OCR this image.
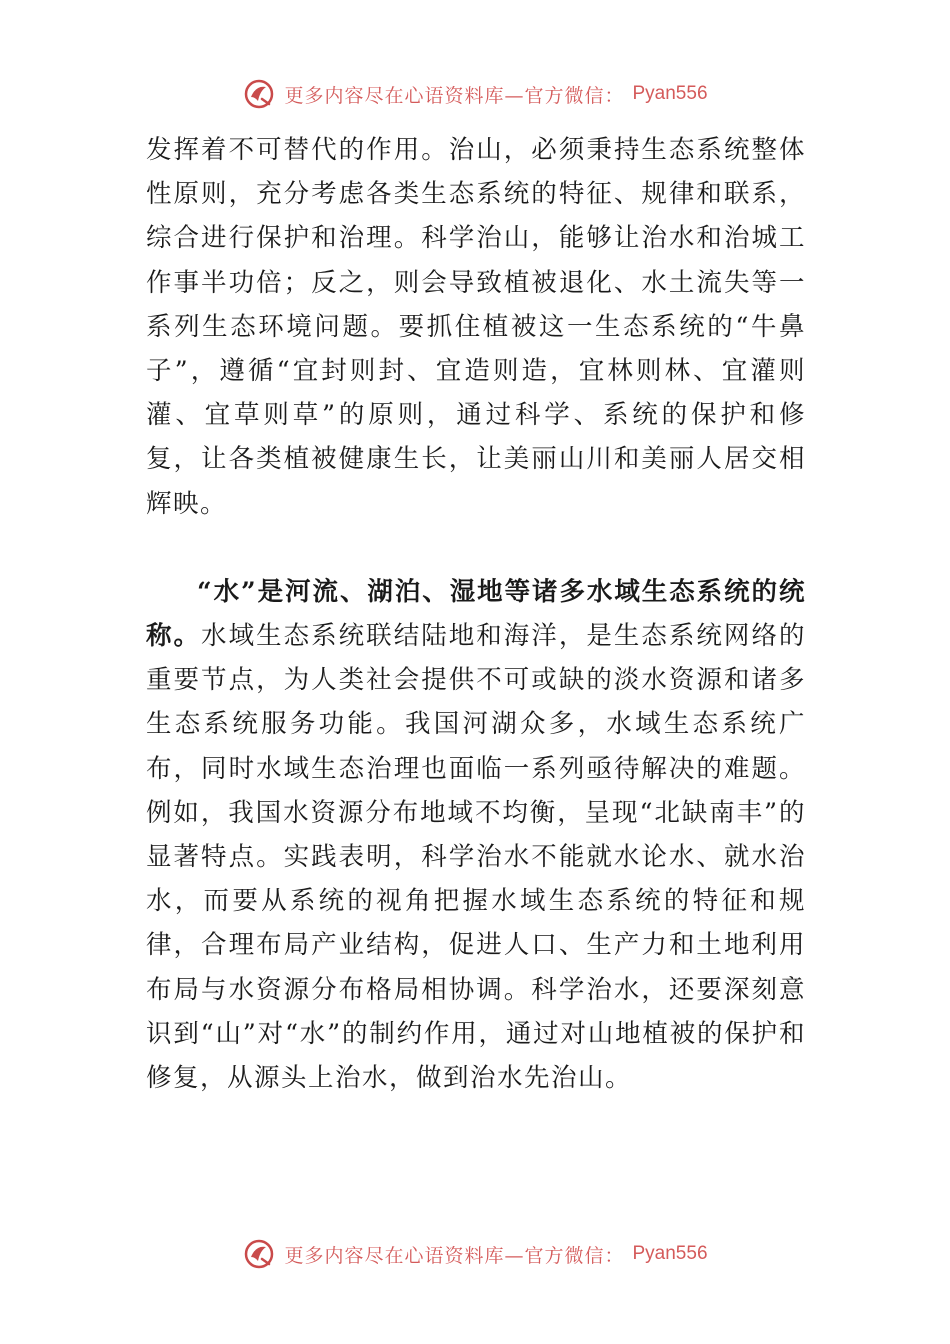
更多内容尽在心语资料库—官方微信： Pyan556

发挥着不可替代的作用。治山，必须秉持生态系统整体性原则，充分考虑各类生态系统的特征、规律和联系，综合进行保护和治理。科学治山，能够让治水和治城工作事半功倍；反之，则会导致植被退化、水土流失等一系列生态环境问题。要抓住植被这一生态系统的“牛鼻子”，遵循“宜封则封、宜造则造，宜林则林、宜灌则灌、宜草则草”的原则，通过科学、系统的保护和修复，让各类植被健康生长，让美丽山川和美丽人居交相辉映。

“水”是河流、湖泊、湿地等诸多水域生态系统的统称。水域生态系统联结陆地和海洋，是生态系统网络的重要节点，为人类社会提供不可或缺的淡水资源和诸多生态系统服务功能。我国河湖众多，水域生态系统广布，同时水域生态治理也面临一系列亟待解决的难题。例如，我国水资源分布地域不均衡，呈现“北缺南丰”的显著特点。实践表明，科学治水不能就水论水、就水治水，而要从系统的视角把握水域生态系统的特征和规律，合理布局产业结构，促进人口、生产力和土地利用布局与水资源分布格局相协调。科学治水，还要深刻意识到“山”对“水”的制约作用，通过对山地植被的保护和修复，从源头上治水，做到治水先治山。

更多内容尽在心语资料库—官方微信： Pyan556
